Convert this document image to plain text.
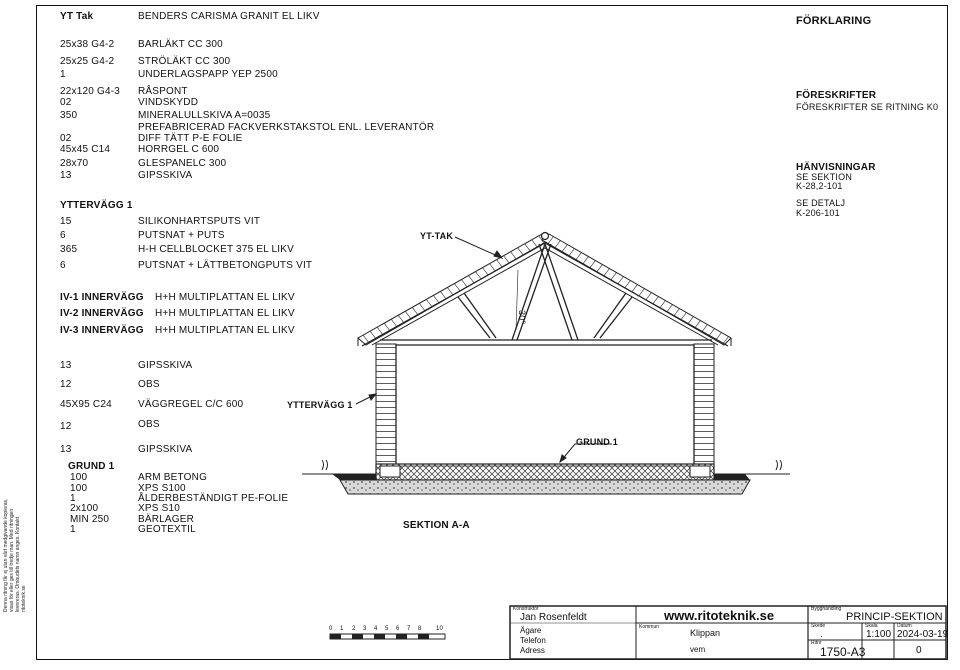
YT Tak	BENDERS CARISMA GRANIT EL LIKV
25x38 G4-2 BARLÄKT CC 300
25x25 G4-2 STRÖLÄKT CC 300
1	UNDERLAGSPAPP YEP 2500
22x120 G4-3 RÅSPONT
02	VINDSKYDD
350	MINERALULLSKIVA A=0035
PREFABRICERAD FACKVERKSTAKSTOL ENL. LEVERANTÖR
02	DIFF TÄTT P-E FOLIE
45x45 C14	HORRGEL C 600
28x70	GLESPANELC 300
13	GIPSSKIVA
YTTERVÄGG 1
15	SILIKONHARTSPUTS VIT
6	PUTSNAT + PUTS
365	H-H CELLBLOCKET 375 EL LIKV
6	PUTSNAT + LÄTTBETONGPUTS VIT
IV-1 INNERVÄGG H+H MULTIPLATTAN EL LIKV
IV-2 INNERVÄGG H+H MULTIPLATTAN EL LIKV
IV-3 INNERVÄGG H+H MULTIPLATTAN EL LIKV
13	GIPSSKIVA
12	OBS
45X95 C24	VÄGGREGEL C/C 600
12	OBS
13	GIPSSKIVA
GRUND 1
100	ARM BETONG
100	XPS S100
1	ÅLDERBESTÄNDIGT PE-FOLIE
2x100	XPS S10
MIN 250	BÄRLAGER
1	GEOTEXTIL
FÖRKLARING
FÖRESKRIFTER
FÖRESKRIFTER SE RITNING K0
HÄNVISNINGAR
SE SEKTION
K-28,2-101
SE DETALJ
K-206-101
YT-TAK
YTTERVÄGG 1
GRUND 1
30°
SEKTION A-A
0 1 2 3 4 5 6 7 8 10
Denna ritning får ej utan vårt medgivande kopieras, visas för eller ges till tredje man. Med ritningen levereras. Ombudets namn anges. Kontakt ritoteknik.se	Konstruktör
Jan Rosenfeldt
Ägare
Telefon
Adress
www.ritoteknik.se
Kommun
Klippan
vem
Bygghandling
PRINCIP-SEKTION
Skede
.
Skala
1:100
Datum
2024-03-19
Ritnr
1750-A3	0
